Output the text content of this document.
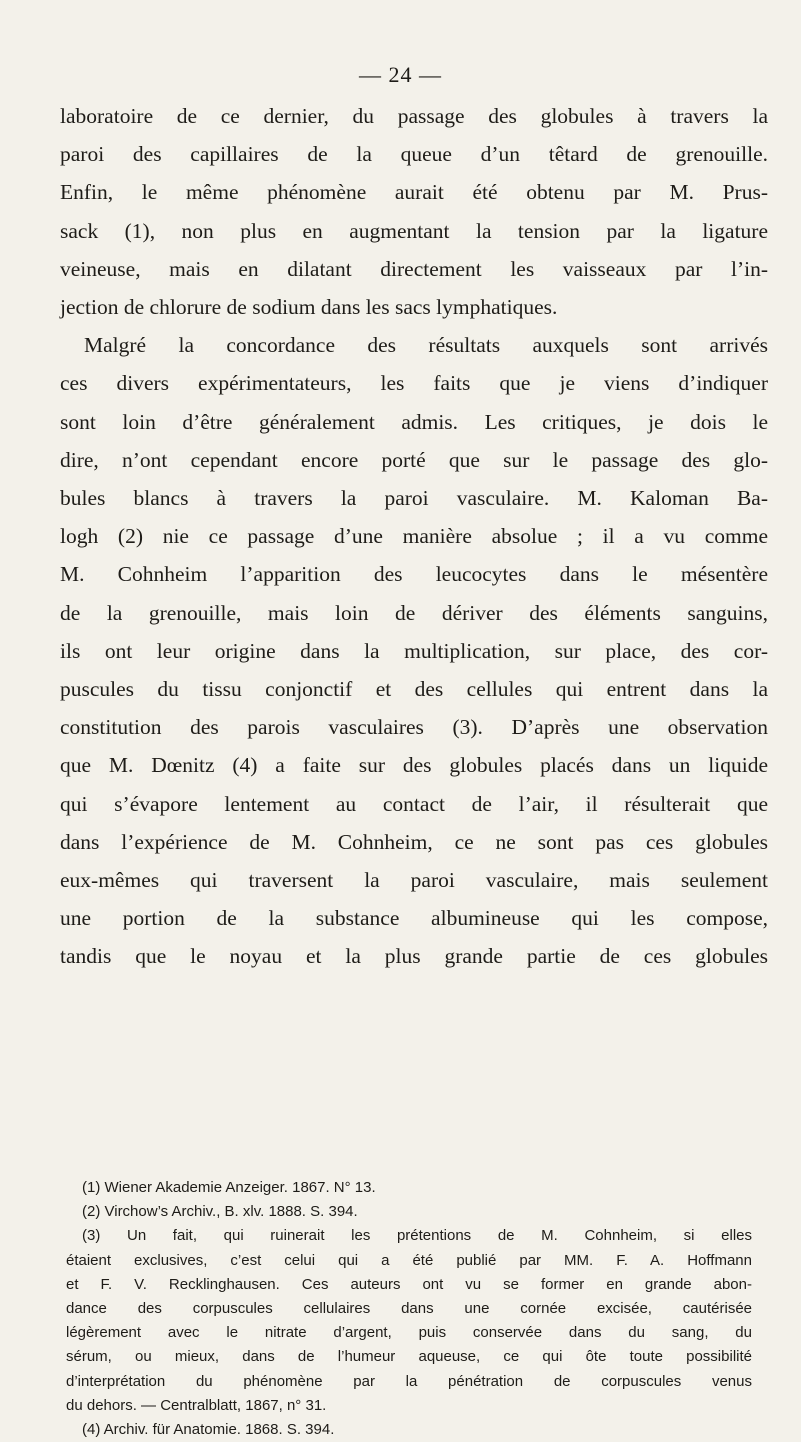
— 24 —
laboratoire de ce dernier, du passage des globules à travers la
paroi des capillaires de la queue d’un têtard de grenouille.
Enfin, le même phénomène aurait été obtenu par M. Prus-
sack (1), non plus en augmentant la tension par la ligature
veineuse, mais en dilatant directement les vaisseaux par l’in-
jection de chlorure de sodium dans les sacs lymphatiques.
Malgré la concordance des résultats auxquels sont arrivés
ces divers expérimentateurs, les faits que je viens d’indiquer
sont loin d’être généralement admis. Les critiques, je dois le
dire, n’ont cependant encore porté que sur le passage des glo-
bules blancs à travers la paroi vasculaire. M. Kaloman Ba-
logh (2) nie ce passage d’une manière absolue ; il a vu comme
M. Cohnheim l’apparition des leucocytes dans le mésentère
de la grenouille, mais loin de dériver des éléments sanguins,
ils ont leur origine dans la multiplication, sur place, des cor-
puscules du tissu conjonctif et des cellules qui entrent dans la
constitution des parois vasculaires (3). D’après une observation
que M. Dœnitz (4) a faite sur des globules placés dans un liquide
qui s’évapore lentement au contact de l’air, il résulterait que
dans l’expérience de M. Cohnheim, ce ne sont pas ces globules
eux-mêmes qui traversent la paroi vasculaire, mais seulement
une portion de la substance albumineuse qui les compose,
tandis que le noyau et la plus grande partie de ces globules
(1) Wiener Akademie Anzeiger. 1867. N° 13.
(2) Virchow’s Archiv., B. xlv. 1888. S. 394.
(3) Un fait, qui ruinerait les prétentions de M. Cohnheim, si elles
étaient exclusives, c’est celui qui a été publié par MM. F. A. Hoffmann
et F. V. Recklinghausen. Ces auteurs ont vu se former en grande abon-
dance des corpuscules cellulaires dans une cornée excisée, cautérisée
légèrement avec le nitrate d’argent, puis conservée dans du sang, du
sérum, ou mieux, dans de l’humeur aqueuse, ce qui ôte toute possibilité
d’interprétation du phénomène par la pénétration de corpuscules venus
du dehors. — Centralblatt, 1867, n° 31.
(4) Archiv. für Anatomie. 1868. S. 394.
